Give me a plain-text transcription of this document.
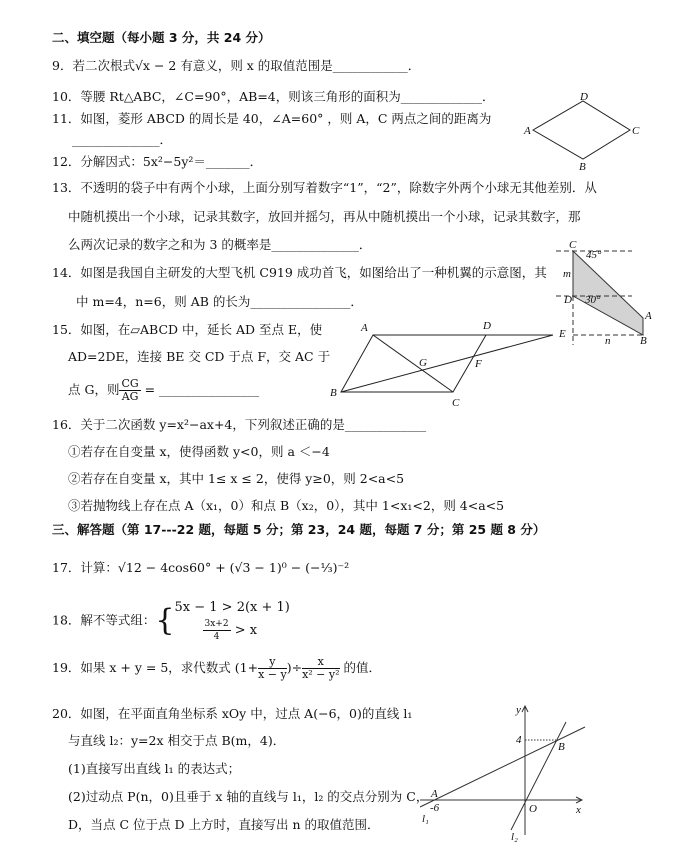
二、填空题（每小题 3 分，共 24 分）
9．若二次根式√x − 2 有意义，则 x 的取值范围是____________．
10．等腰 Rt△ABC，∠C=90°，AB=4，则该三角形的面积为_____________．
11．如图，菱形 ABCD 的周长是 40，∠A=60° ，则 A，C 两点之间的距离为
______________．
12．分解因式：5x²−5y²＝_______．
13．不透明的袋子中有两个小球，上面分别写着数字“1”，“2”，除数字外两个小球无其他差别．从
中随机摸出一个小球，记录其数字，放回并摇匀，再从中随机摸出一个小球，记录其数字，那
么两次记录的数字之和为 3 的概率是______________．
14．如图是我国自主研发的大型飞机 C919 成功首飞，如图给出了一种机翼的示意图，其
中 m=4，n=6，则 AB 的长为________________．
15．如图，在▱ABCD 中，延长 AD 至点 E，使
AD=2DE，连接 BE 交 CD 于点 F，交 AC 于
点 G，则 $\frac{CG}{AG}$ = ________________
16．关于二次函数 y=x²−ax+4，下列叙述正确的是_____________
①若存在自变量 x，使得函数 y<0，则 a ＜−4
②若存在自变量 x，其中 1≤ x ≤ 2，使得 y≥0，则 2<a<5
③若抛物线上存在点 A（x₁，0）和点 B（x₂，0），其中 1<x₁<2，则 4<a<5
三、解答题（第 17---22 题，每题 5 分；第 23，24 题，每题 7 分；第 25 题 8 分）
17．计算：√12 − 4cos60° + (√3 − 1)⁰ − (−⅓)⁻²
18．解不等式组：{ 5x − 1 > 2(x + 1)
$\frac{3x+2}{4} > x$
19．如果 x + y = 5，求代数式 ($1+ \frac{y}{x - y}$ )÷ $\frac{x}{\text{x² − y²}}$ 的值．
20．如图，在平面直角坐标系 xOy 中，过点 A(−6，0)的直线 l₁
与直线 l₂：y=2x 相交于点 B(m，4)．
(1)直接写出直线 l₁ 的表达式；
(2)过动点 P(n，0)且垂于 x 轴的直线与 l₁，l₂ 的交点分别为 C，
D，当点 C 位于点 D 上方时，直接写出 n 的取值范围．
A
D
C
B
C
45°
m
D 30°
A
B
n
A	D
E
B
C
F
G
y
x
O
A
B
4
-6
l₁
l₂
